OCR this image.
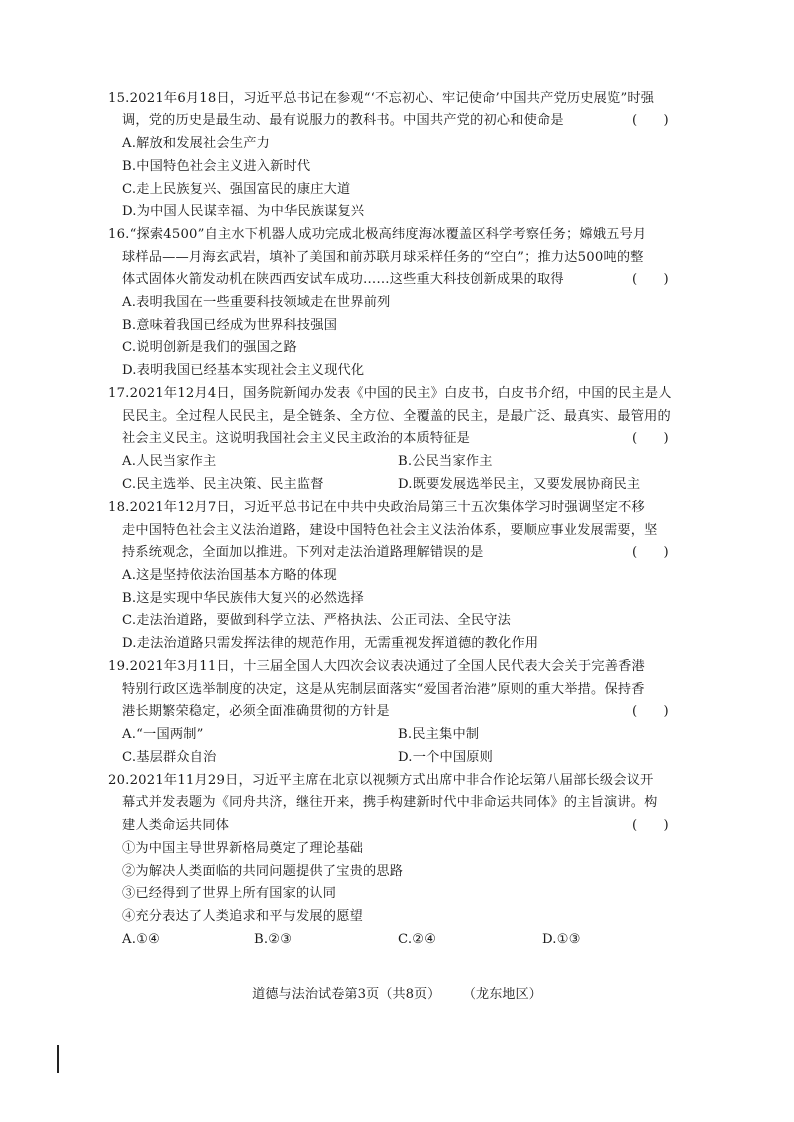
15.2021年6月18日，习近平总书记在参观“‘不忘初心、牢记使命’中国共产党历史展览”时强
调，党的历史是最生动、最有说服力的教科书。中国共产党的初心和使命是	(　　)
A.解放和发展社会生产力
B.中国特色社会主义进入新时代
C.走上民族复兴、强国富民的康庄大道
D.为中国人民谋幸福、为中华民族谋复兴
16.“探索4500”自主水下机器人成功完成北极高纬度海冰覆盖区科学考察任务；嫦娥五号月
球样品——月海玄武岩，填补了美国和前苏联月球采样任务的“空白”；推力达500吨的整
体式固体火箭发动机在陕西西安试车成功……这些重大科技创新成果的取得	(　　)
A.表明我国在一些重要科技领域走在世界前列
B.意味着我国已经成为世界科技强国
C.说明创新是我们的强国之路
D.表明我国已经基本实现社会主义现代化
17.2021年12月4日，国务院新闻办发表《中国的民主》白皮书，白皮书介绍，中国的民主是人
民民主。全过程人民民主，是全链条、全方位、全覆盖的民主，是最广泛、最真实、最管用的
社会主义民主。这说明我国社会主义民主政治的本质特征是	(　　)
A.人民当家作主	B.公民当家作主
C.民主选举、民主决策、民主监督	D.既要发展选举民主，又要发展协商民主
18.2021年12月7日，习近平总书记在中共中央政治局第三十五次集体学习时强调坚定不移
走中国特色社会主义法治道路，建设中国特色社会主义法治体系，要顺应事业发展需要，坚
持系统观念，全面加以推进。下列对走法治道路理解错误的是	(　　)
A.这是坚持依法治国基本方略的体现
B.这是实现中华民族伟大复兴的必然选择
C.走法治道路，要做到科学立法、严格执法、公正司法、全民守法
D.走法治道路只需发挥法律的规范作用，无需重视发挥道德的教化作用
19.2021年3月11日，十三届全国人大四次会议表决通过了全国人民代表大会关于完善香港
特别行政区选举制度的决定，这是从宪制层面落实“爱国者治港”原则的重大举措。保持香
港长期繁荣稳定，必须全面准确贯彻的方针是	(　　)
A.“一国两制”	B.民主集中制
C.基层群众自治	D.一个中国原则
20.2021年11月29日，习近平主席在北京以视频方式出席中非合作论坛第八届部长级会议开
幕式并发表题为《同舟共济，继往开来，携手构建新时代中非命运共同体》的主旨演讲。构
建人类命运共同体	(　　)
①为中国主导世界新格局奠定了理论基础
②为解决人类面临的共同问题提供了宝贵的思路
③已经得到了世界上所有国家的认同
④充分表达了人类追求和平与发展的愿望
A.①④	B.②③	C.②④	D.①③
道德与法治试卷第3页（共8页） （龙东地区）
